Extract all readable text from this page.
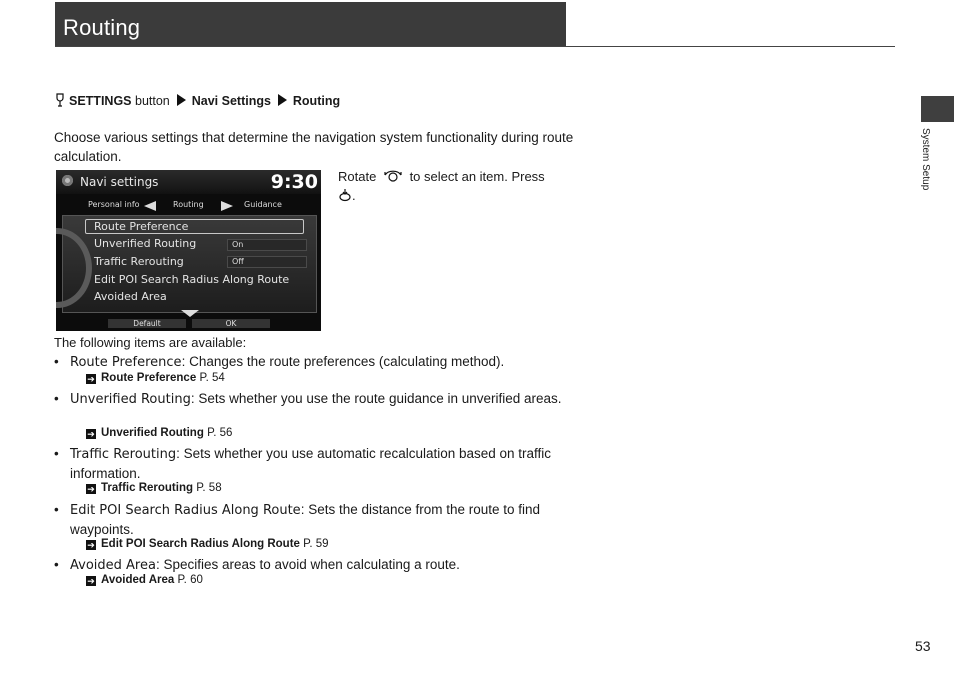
Routing
System Setup
SETTINGS button Navi Settings Routing
Choose various settings that determine the navigation system functionality during route calculation.
Navi settings	9:30
Personal info	Routing	Guidance
Route Preference
Unverified Routing	On
Traffic Rerouting	Off
Edit POI Search Radius Along Route
Avoided Area
Default	OK
Rotate	to select an item. Press
.
The following items are available:
• Route Preference: Changes the route preferences (calculating method).
➔ Route Preference P. 54
• Unverified Routing: Sets whether you use the route guidance in unverified areas.
➔ Unverified Routing P. 56
• Traffic Rerouting: Sets whether you use automatic recalculation based on traffic information.
➔ Traffic Rerouting P. 58
• Edit POI Search Radius Along Route: Sets the distance from the route to find waypoints.
➔ Edit POI Search Radius Along Route P. 59
• Avoided Area: Specifies areas to avoid when calculating a route.
➔ Avoided Area P. 60
53
